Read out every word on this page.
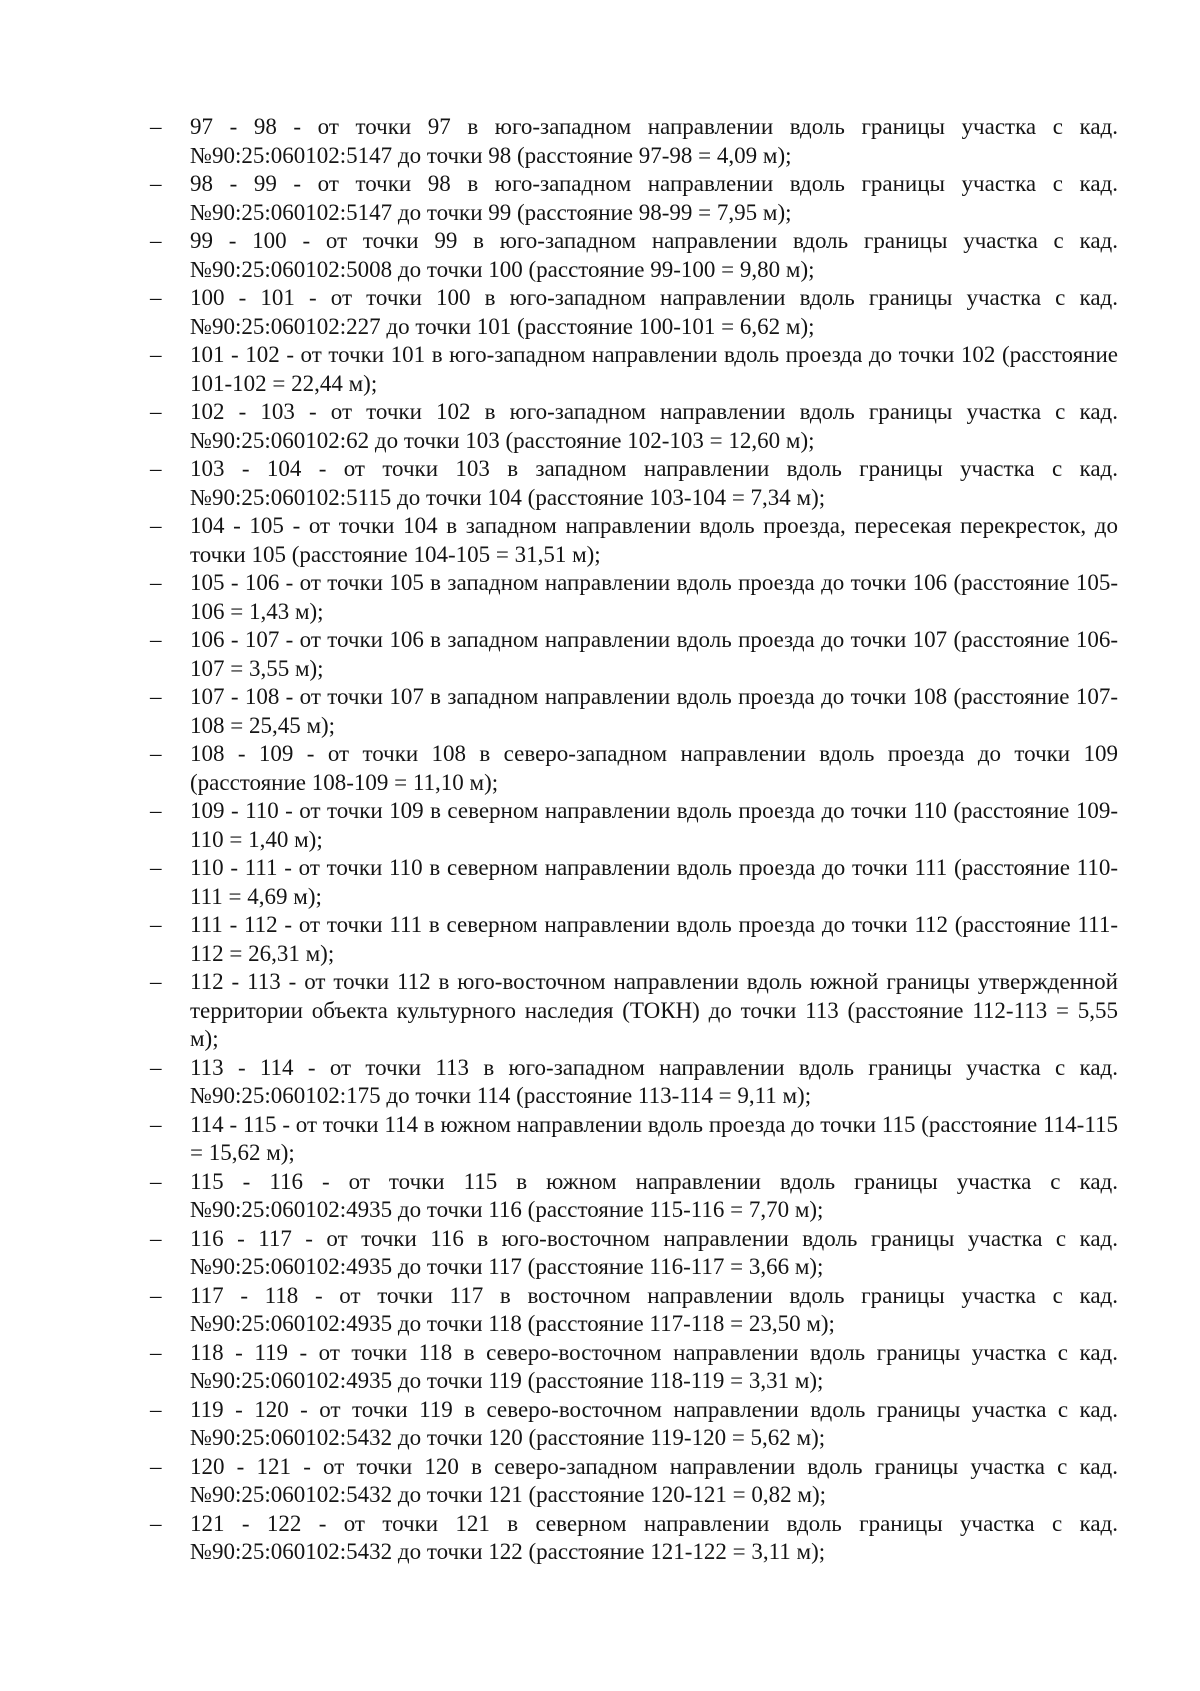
–	97 - 98 - от точки 97 в юго-западном направлении вдоль границы участка с кад. №90:25:060102:5147 до точки 98 (расстояние 97-98 = 4,09 м);
–	98 - 99 - от точки 98 в юго-западном направлении вдоль границы участка с кад. №90:25:060102:5147 до точки 99 (расстояние 98-99 = 7,95 м);
–	99 - 100 - от точки 99 в юго-западном направлении вдоль границы участка с кад. №90:25:060102:5008 до точки 100 (расстояние 99-100 = 9,80 м);
–	100 - 101 - от точки 100 в юго-западном направлении вдоль границы участка с кад. №90:25:060102:227 до точки 101 (расстояние 100-101 = 6,62 м);
–	101 - 102 - от точки 101 в юго-западном направлении вдоль проезда до точки 102 (расстояние 101-102 = 22,44 м);
–	102 - 103 - от точки 102 в юго-западном направлении вдоль границы участка с кад. №90:25:060102:62 до точки 103 (расстояние 102-103 = 12,60 м);
–	103 - 104 - от точки 103 в западном направлении вдоль границы участка с кад. №90:25:060102:5115 до точки 104 (расстояние 103-104 = 7,34 м);
–	104 - 105 - от точки 104 в западном направлении вдоль проезда, пересекая перекресток, до точки 105 (расстояние 104-105 = 31,51 м);
–	105 - 106 - от точки 105 в западном направлении вдоль проезда до точки 106 (расстояние 105-106 = 1,43 м);
–	106 - 107 - от точки 106 в западном направлении вдоль проезда до точки 107 (расстояние 106-107 = 3,55 м);
–	107 - 108 - от точки 107 в западном направлении вдоль проезда до точки 108 (расстояние 107-108 = 25,45 м);
–	108 - 109 - от точки 108 в северо-западном направлении вдоль проезда до точки 109 (расстояние 108-109 = 11,10 м);
–	109 - 110 - от точки 109 в северном направлении вдоль проезда до точки 110 (расстояние 109-110 = 1,40 м);
–	110 - 111 - от точки 110 в северном направлении вдоль проезда до точки 111 (расстояние 110-111 = 4,69 м);
–	111 - 112 - от точки 111 в северном направлении вдоль проезда до точки 112 (расстояние 111-112 = 26,31 м);
–	112 - 113 - от точки 112 в юго-восточном направлении вдоль южной границы утвержденной территории объекта культурного наследия (ТОКН) до точки 113 (расстояние 112-113 = 5,55 м);
–	113 - 114 - от точки 113 в юго-западном направлении вдоль границы участка с кад. №90:25:060102:175 до точки 114 (расстояние 113-114 = 9,11 м);
–	114 - 115 - от точки 114 в южном направлении вдоль проезда до точки 115 (расстояние 114-115 = 15,62 м);
–	115 - 116 - от точки 115 в южном направлении вдоль границы участка с кад. №90:25:060102:4935 до точки 116 (расстояние 115-116 = 7,70 м);
–	116 - 117 - от точки 116 в юго-восточном направлении вдоль границы участка с кад. №90:25:060102:4935 до точки 117 (расстояние 116-117 = 3,66 м);
–	117 - 118 - от точки 117 в восточном направлении вдоль границы участка с кад. №90:25:060102:4935 до точки 118 (расстояние 117-118 = 23,50 м);
–	118 - 119 - от точки 118 в северо-восточном направлении вдоль границы участка с кад. №90:25:060102:4935 до точки 119 (расстояние 118-119 = 3,31 м);
–	119 - 120 - от точки 119 в северо-восточном направлении вдоль границы участка с кад. №90:25:060102:5432 до точки 120 (расстояние 119-120 = 5,62 м);
–	120 - 121 - от точки 120 в северо-западном направлении вдоль границы участка с кад. №90:25:060102:5432 до точки 121 (расстояние 120-121 = 0,82 м);
–	121 - 122 - от точки 121 в северном направлении вдоль границы участка с кад. №90:25:060102:5432 до точки 122 (расстояние 121-122 = 3,11 м);
